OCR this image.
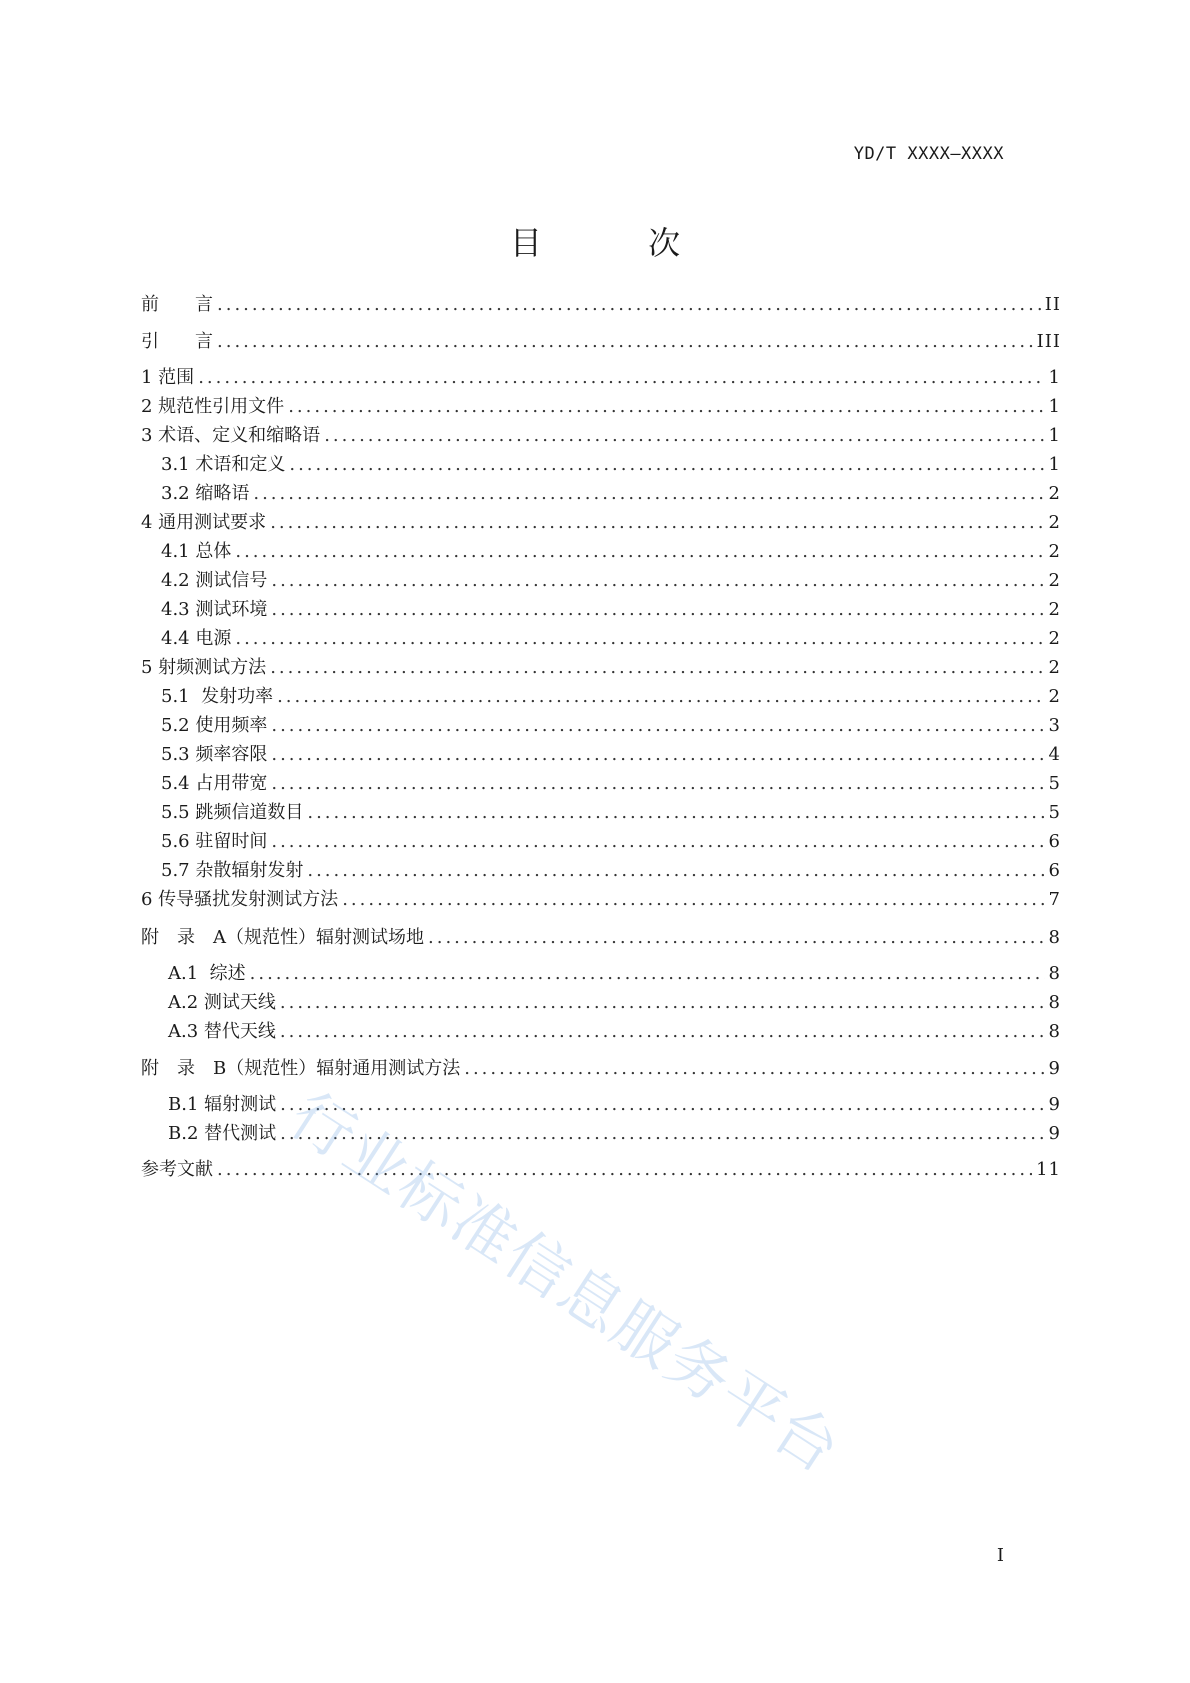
YD/T XXXX—XXXX
目 次
前　　言 .....	II
引　　言 .....	III
1 范围 .....	1
2 规范性引用文件 .....	1
3 术语、定义和缩略语 .....	1
3.1 术语和定义 .....	1
3.2 缩略语 .....	2
4 通用测试要求 .....	2
4.1 总体 .....	2
4.2 测试信号 .....	2
4.3 测试环境 .....	2
4.4 电源 .....	2
5 射频测试方法 .....	2
5.1  发射功率 .....	2
5.2 使用频率 .....	3
5.3 频率容限 .....	4
5.4 占用带宽 .....	5
5.5 跳频信道数目 .....	5
5.6 驻留时间 .....	6
5.7 杂散辐射发射 .....	6
6 传导骚扰发射测试方法 .....	7
附　录　A（规范性）辐射测试场地 .....	8
A.1  综述 .....	8
A.2 测试天线 .....	8
A.3 替代天线 .....	8
附　录　B（规范性）辐射通用测试方法 .....	9
B.1 辐射测试 .....	9
B.2 替代测试 .....	9
参考文献 .....	11
行业标准信息服务平台
I
